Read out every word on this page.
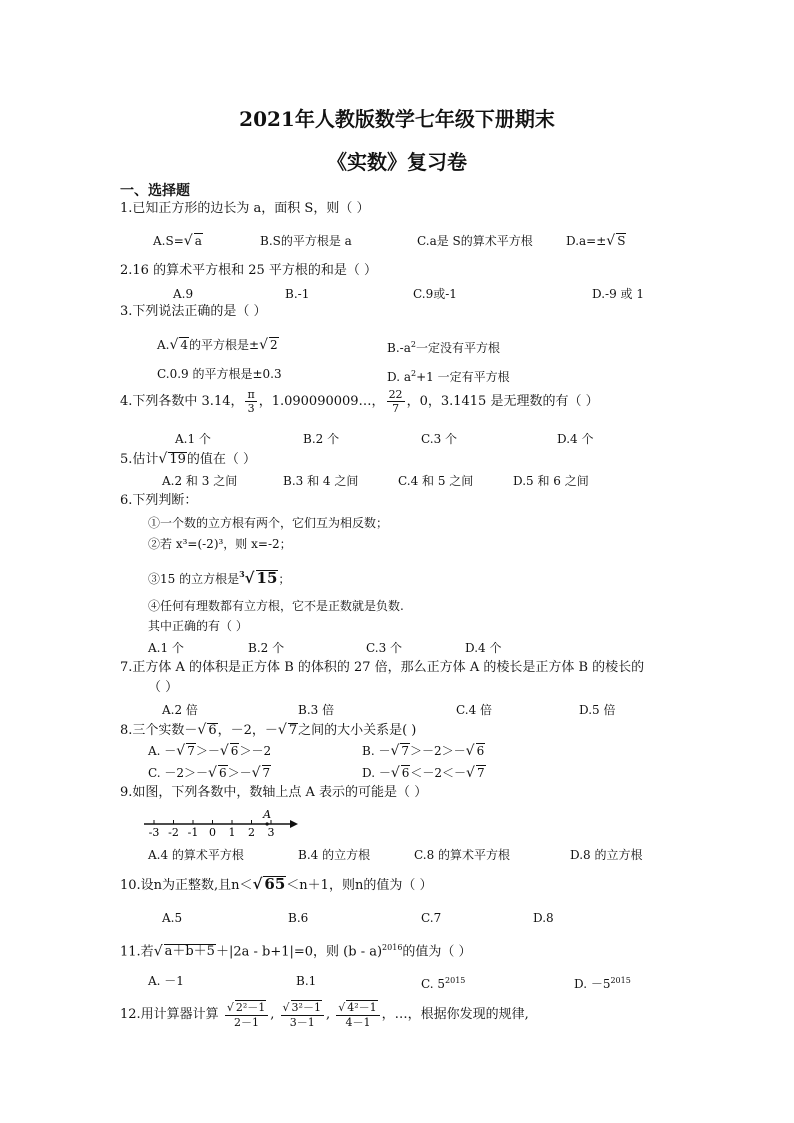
2021年人教版数学七年级下册期末
《实数》复习卷
一、选择题
1.已知正方形的边长为 a，面积 S，则（ ）
A.S=√ a	B.S的平方根是 a	C.a是 S的算术平方根	D.a=±√ S
2.16 的算术平方根和 25 平方根的和是（ ）
A.9	B.-1	C.9或-1	D.-9 或 1
3.下列说法正确的是（ ）
A.√ 4的平方根是±√ 2	$B.-a^2$一定没有平方根
C.0.9 的平方根是±0.3	D. $a^2+1$ 一定有平方根
4.下列各数中 3.14， $\frac{\pi}{3}$ ，1.090090009…， $\frac{22}{7}$ ，0，3.1415 是无理数的有（ ）
A.1 个	B.2 个	C.3 个	D.4 个
5.估计√ 19的值在（ ）
A.2 和 3 之间	B.3 和 4 之间	C.4 和 5 之间	D.5 和 6 之间
6.下列判断：
①一个数的立方根有两个，它们互为相反数；
②若 x³=(-2)³，则 x=-2；
③15 的立方根是$^3$√ 15；
④任何有理数都有立方根，它不是正数就是负数.
其中正确的有（ ）
A.1 个	B.2 个	C.3 个	D.4 个
7.正方体 A 的体积是正方体 B 的体积的 27 倍，那么正方体 A 的棱长是正方体 B 的棱长的
（ ）
A.2 倍	B.3 倍	C.4 倍	D.5 倍
8.三个实数－√ 6，－2，－√ 7之间的大小关系是( )
A. －√ 7＞－√ 6＞－2	B. －√ 7＞－2＞－√ 6
C. －2＞－√ 6＞－√ 7	D. －√ 6＜－2＜－√ 7
9.如图，下列各数中，数轴上点 A 表示的可能是（ ）
-3 -2 -1 0 1 2 3
A
A.4 的算术平方根	B.4 的立方根	C.8 的算术平方根	D.8 的立方根
10.设n为正整数,且n＜√ 65＜n＋1，则n的值为（ ）
A.5	B.6	C.7	D.8
11.若√ a＋b＋5＋|2a - b+1|=0，则 (b - a)$^{2016}$的值为（ ）
A. －1	B.1	C. $5^{2015}$	D. $-5^{2015}$
12.用计算器计算 $\frac{\text{√ 2²－1}}{2-1}$ , $\frac{\text{√ 3²－1}}{3-1}$ , $\frac{\text{√ 4²－1}}{4-1}$ ，…，根据你发现的规律,
